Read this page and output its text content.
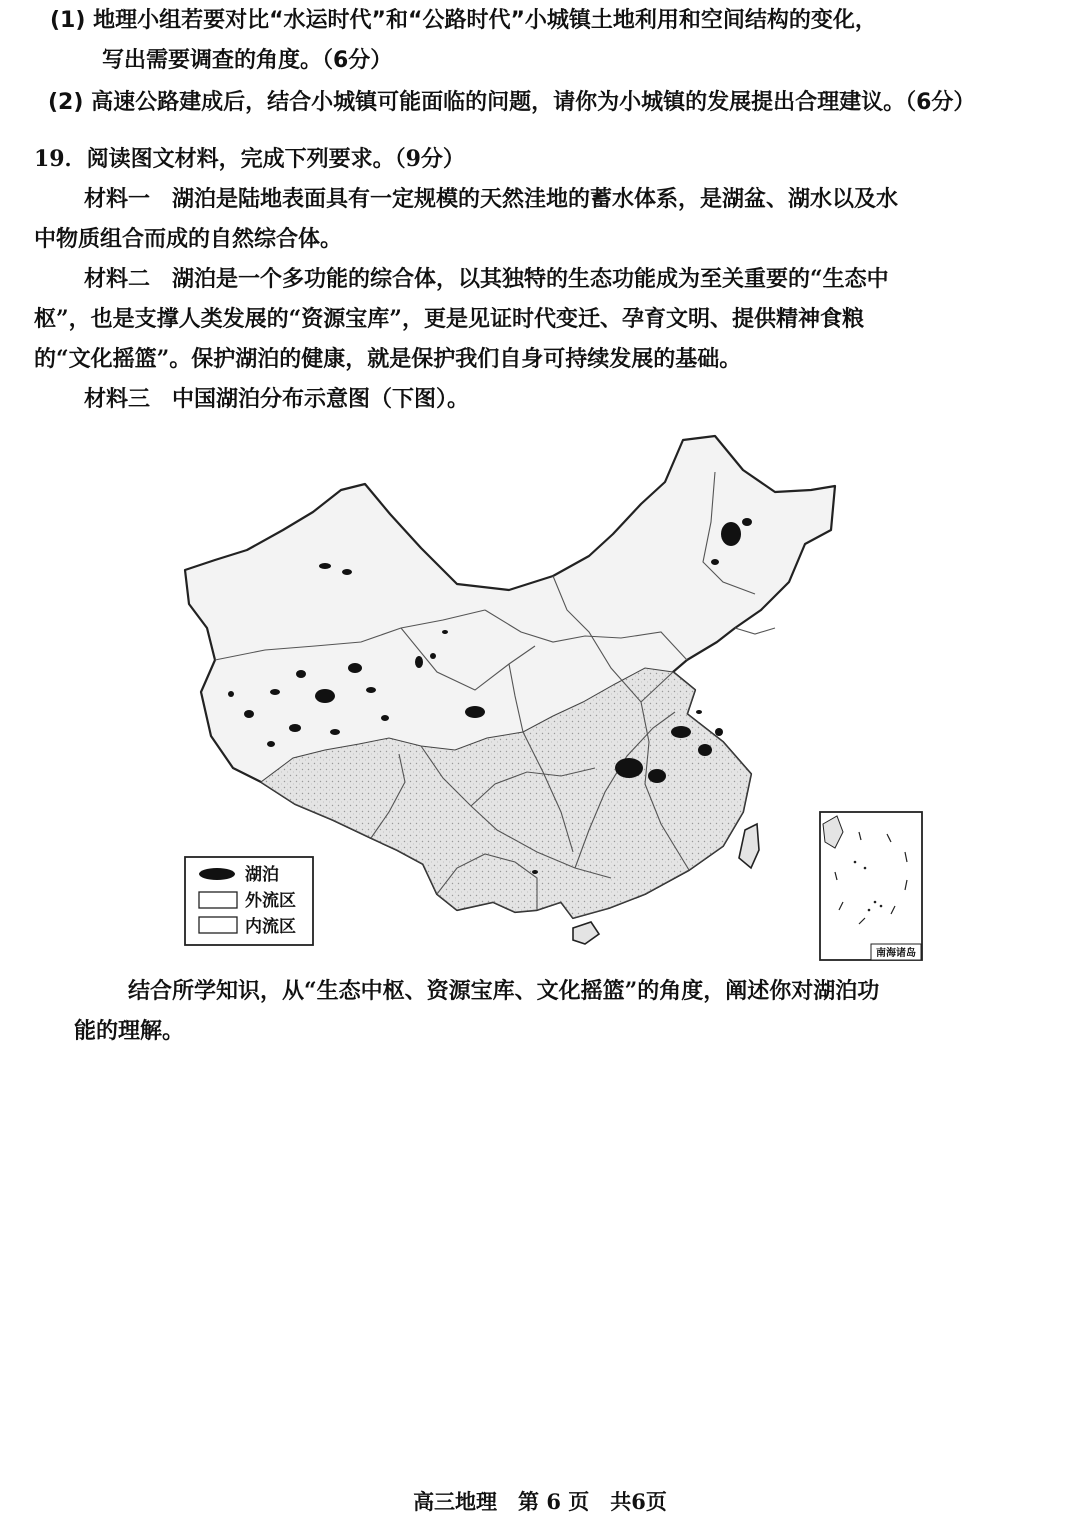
(1) 地理小组若要对比“水运时代”和“公路时代”小城镇土地利用和空间结构的变化，
写出需要调查的角度。（6分）
(2) 高速公路建成后，结合小城镇可能面临的问题，请你为小城镇的发展提出合理建议。（6分）
19．阅读图文材料，完成下列要求。（9分）
材料一　湖泊是陆地表面具有一定规模的天然洼地的蓄水体系，是湖盆、湖水以及水
中物质组合而成的自然综合体。
材料二　湖泊是一个多功能的综合体，以其独特的生态功能成为至关重要的“生态中
枢”，也是支撑人类发展的“资源宝库”，更是见证时代变迁、孕育文明、提供精神食粮
的“文化摇篮”。保护湖泊的健康，就是保护我们自身可持续发展的基础。
材料三　中国湖泊分布示意图（下图）。
湖泊
外流区
内流区
南海诸岛
结合所学知识，从“生态中枢、资源宝库、文化摇篮”的角度，阐述你对湖泊功
能的理解。
高三地理　第 6 页　共6页
